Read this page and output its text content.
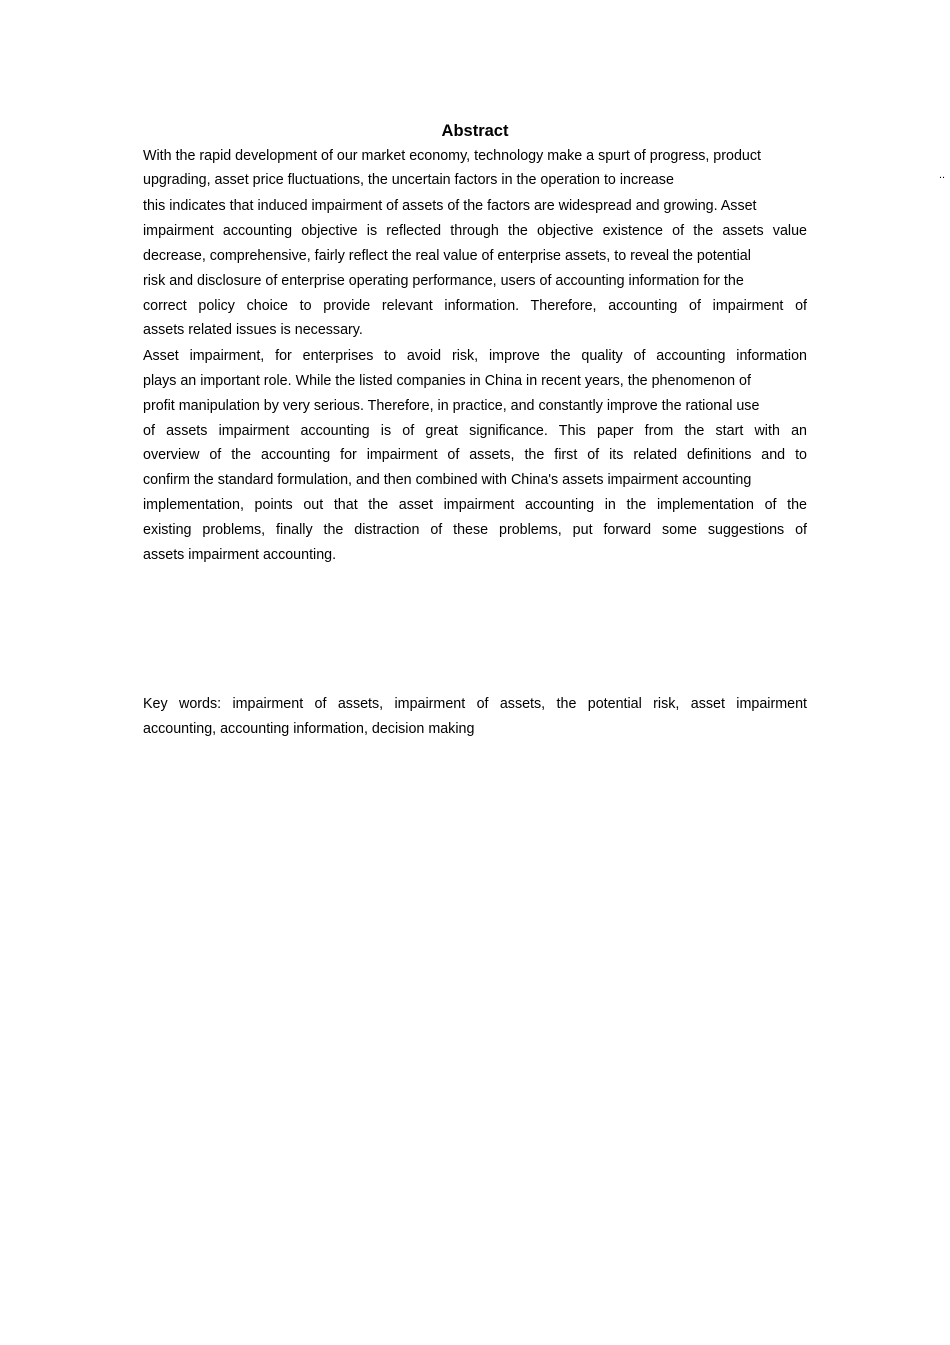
Abstract
..

With the rapid development of our market economy, technology make a spurt of progress, product

upgrading, asset price fluctuations, the uncertain factors in the operation to increase

this indicates that induced impairment of assets of the factors are widespread and growing. Asset

impairment accounting objective is reflected through the objective existence of the assets value

decrease, comprehensive, fairly reflect the real value of enterprise assets, to reveal the potential

risk and disclosure of enterprise operating performance, users of accounting information for the

correct policy choice to provide relevant information. Therefore, accounting of impairment of

assets related issues is necessary.

Asset impairment, for enterprises to avoid risk, improve the quality of accounting information

plays an important role. While the listed companies in China in recent years, the phenomenon of

profit manipulation by very serious. Therefore, in practice, and constantly improve the rational use

of assets impairment accounting is of great significance. This paper from the start with an

overview of the accounting for impairment of assets, the first of its related definitions and to

confirm the standard formulation, and then combined with China's assets impairment accounting

implementation, points out that the asset impairment accounting in the implementation of the

existing problems, finally the distraction of these problems, put forward some suggestions of

assets impairment accounting.

Key words: impairment of assets, impairment of assets, the potential risk, asset impairment

accounting, accounting information, decision making
